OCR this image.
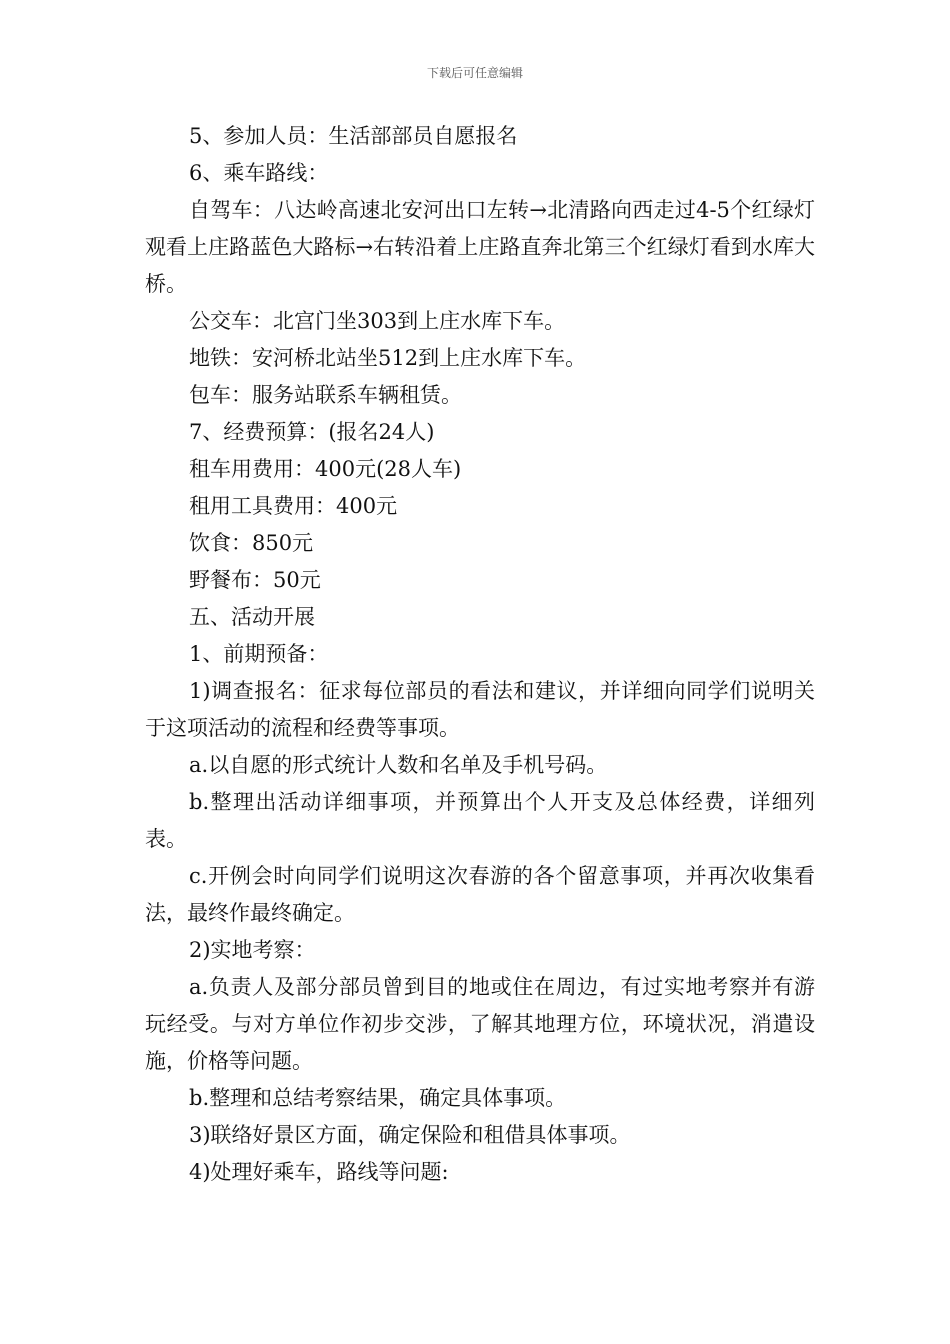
下载后可任意编辑

5、参加人员：生活部部员自愿报名

6、乘车路线：

自驾车：八达岭高速北安河出口左转→北清路向西走过4-5个红绿灯观看上庄路蓝色大路标→右转沿着上庄路直奔北第三个红绿灯看到水库大桥。

公交车：北宫门坐303到上庄水库下车。

地铁：安河桥北站坐512到上庄水库下车。

包车：服务站联系车辆租赁。

7、经费预算：(报名24人)

租车用费用：400元(28人车)

租用工具费用：400元

饮食：850元

野餐布：50元

五、活动开展

1、前期预备：

1)调查报名：征求每位部员的看法和建议，并详细向同学们说明关于这项活动的流程和经费等事项。

a.以自愿的形式统计人数和名单及手机号码。

b.整理出活动详细事项，并预算出个人开支及总体经费，详细列表。

c.开例会时向同学们说明这次春游的各个留意事项，并再次收集看法，最终作最终确定。

2)实地考察：

a.负责人及部分部员曾到目的地或住在周边，有过实地考察并有游玩经受。与对方单位作初步交涉，了解其地理方位，环境状况，消遣设施，价格等问题。

b.整理和总结考察结果，确定具体事项。

3)联络好景区方面，确定保险和租借具体事项。

4)处理好乘车，路线等问题:
